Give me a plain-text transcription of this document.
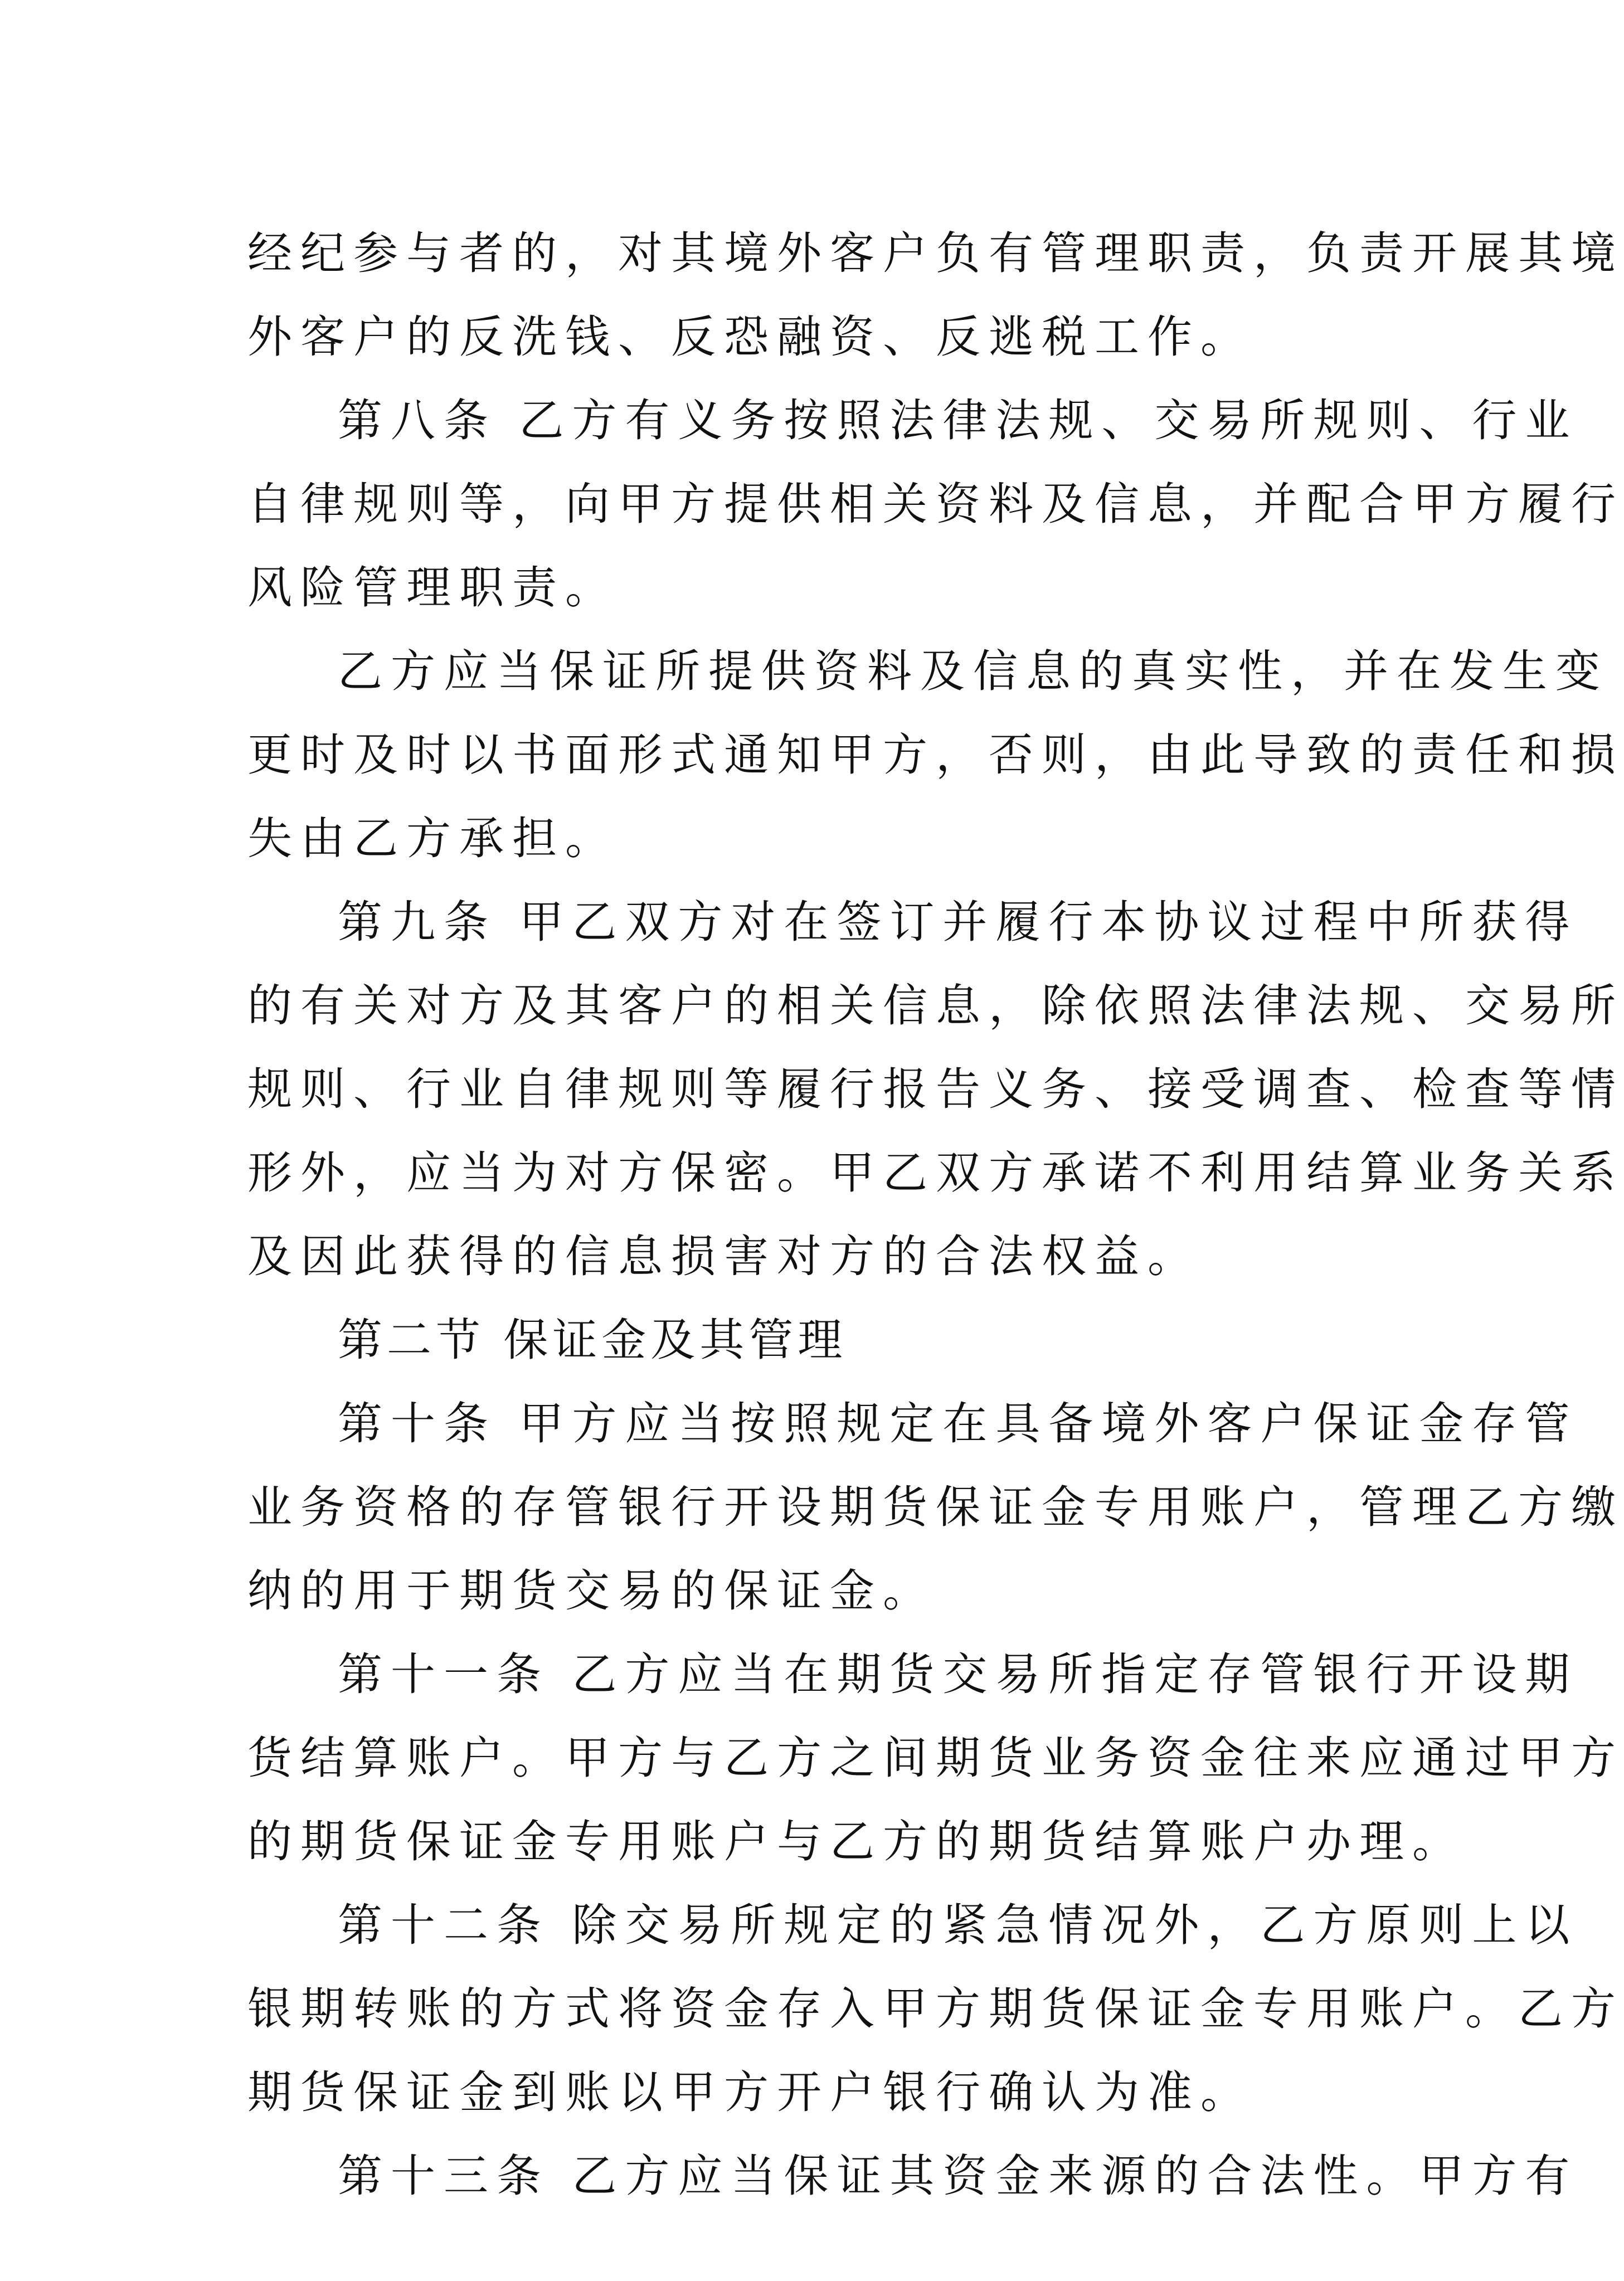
经纪参与者的，对其境外客户负有管理职责，负责开展其境
外客户的反洗钱、反恐融资、反逃税工作。
第八条 乙方有义务按照法律法规、交易所规则、行业
自律规则等，向甲方提供相关资料及信息，并配合甲方履行
风险管理职责。
乙方应当保证所提供资料及信息的真实性，并在发生变
更时及时以书面形式通知甲方，否则，由此导致的责任和损
失由乙方承担。
第九条 甲乙双方对在签订并履行本协议过程中所获得
的有关对方及其客户的相关信息，除依照法律法规、交易所
规则、行业自律规则等履行报告义务、接受调查、检查等情
形外，应当为对方保密。甲乙双方承诺不利用结算业务关系
及因此获得的信息损害对方的合法权益。
第二节 保证金及其管理
第十条 甲方应当按照规定在具备境外客户保证金存管
业务资格的存管银行开设期货保证金专用账户，管理乙方缴
纳的用于期货交易的保证金。
第十一条 乙方应当在期货交易所指定存管银行开设期
货结算账户。甲方与乙方之间期货业务资金往来应通过甲方
的期货保证金专用账户与乙方的期货结算账户办理。
第十二条 除交易所规定的紧急情况外，乙方原则上以
银期转账的方式将资金存入甲方期货保证金专用账户。乙方
期货保证金到账以甲方开户银行确认为准。
第十三条 乙方应当保证其资金来源的合法性。甲方有
